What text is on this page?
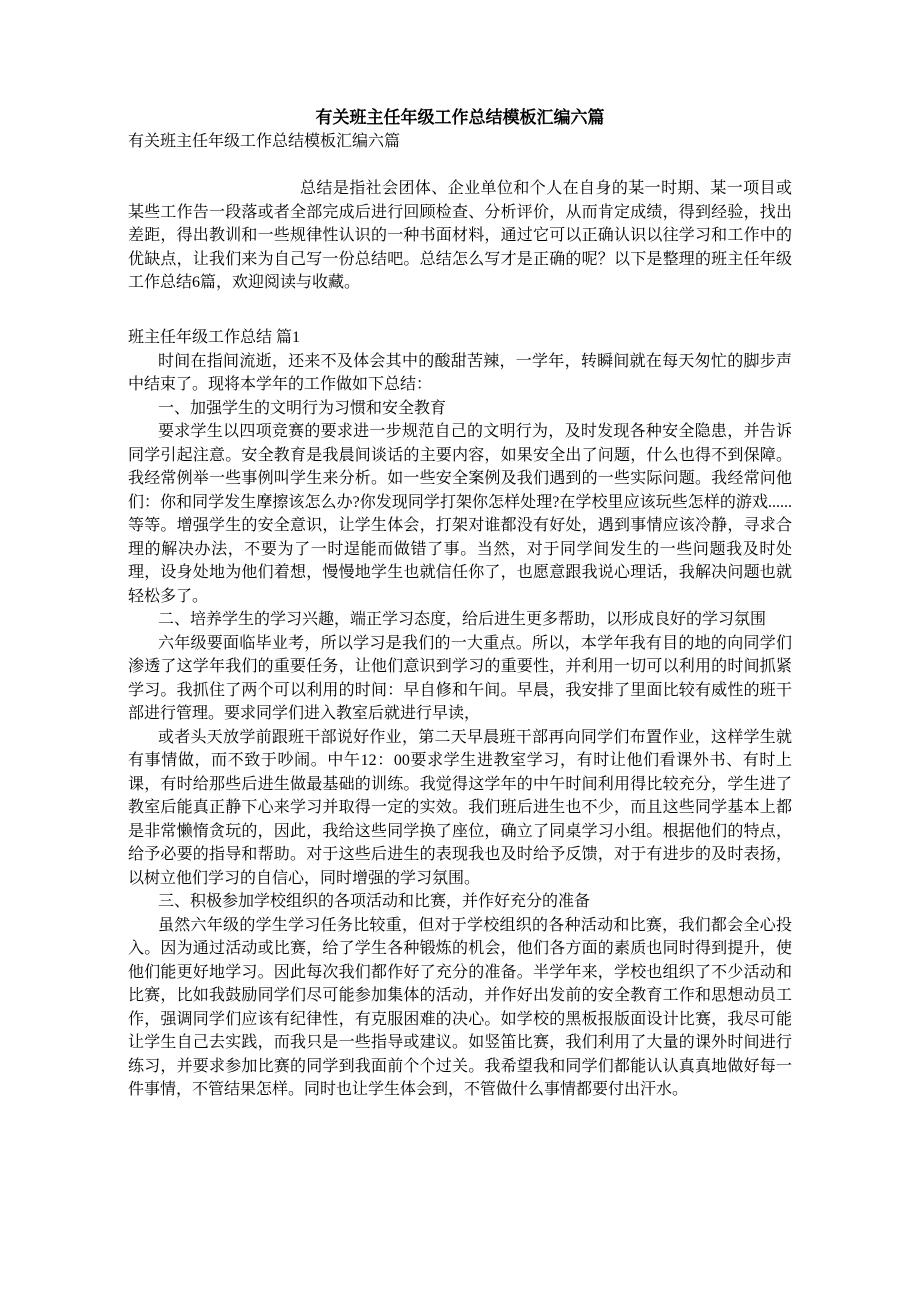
有关班主任年级工作总结模板汇编六篇

有关班主任年级工作总结模板汇编六篇

总结是指社会团体、企业单位和个人在自身的某一时期、某一项目或某些工作告一段落或者全部完成后进行回顾检查、分析评价，从而肯定成绩，得到经验，找出差距，得出教训和一些规律性认识的一种书面材料，通过它可以正确认识以往学习和工作中的优缺点，让我们来为自己写一份总结吧。总结怎么写才是正确的呢？以下是整理的班主任年级工作总结6篇，欢迎阅读与收藏。

班主任年级工作总结 篇1

时间在指间流逝，还来不及体会其中的酸甜苦辣，一学年，转瞬间就在每天匆忙的脚步声中结束了。现将本学年的工作做如下总结：

一、加强学生的文明行为习惯和安全教育

要求学生以四项竞赛的要求进一步规范自己的文明行为，及时发现各种安全隐患，并告诉同学引起注意。安全教育是我晨间谈话的主要内容，如果安全出了问题，什么也得不到保障。我经常例举一些事例叫学生来分析。如一些安全案例及我们遇到的一些实际问题。我经常问他们：你和同学发生摩擦该怎么办?你发现同学打架你怎样处理?在学校里应该玩些怎样的游戏......等等。增强学生的安全意识，让学生体会，打架对谁都没有好处，遇到事情应该冷静，寻求合理的解决办法，不要为了一时逞能而做错了事。当然，对于同学间发生的一些问题我及时处理，设身处地为他们着想，慢慢地学生也就信任你了，也愿意跟我说心理话，我解决问题也就轻松多了。

二、培养学生的学习兴趣，端正学习态度，给后进生更多帮助，以形成良好的学习氛围

六年级要面临毕业考，所以学习是我们的一大重点。所以，本学年我有目的地的向同学们渗透了这学年我们的重要任务，让他们意识到学习的重要性，并利用一切可以利用的时间抓紧学习。我抓住了两个可以利用的时间：早自修和午间。早晨，我安排了里面比较有威性的班干部进行管理。要求同学们进入教室后就进行早读，

或者头天放学前跟班干部说好作业，第二天早晨班干部再向同学们布置作业，这样学生就有事情做，而不致于吵闹。中午12：00要求学生进教室学习，有时让他们看课外书、有时上课，有时给那些后进生做最基础的训练。我觉得这学年的中午时间利用得比较充分，学生进了教室后能真正静下心来学习并取得一定的实效。我们班后进生也不少，而且这些同学基本上都是非常懒惰贪玩的，因此，我给这些同学换了座位，确立了同桌学习小组。根据他们的特点，给予必要的指导和帮助。对于这些后进生的表现我也及时给予反馈，对于有进步的及时表扬，以树立他们学习的自信心，同时增强的学习氛围。

三、积极参加学校组织的各项活动和比赛，并作好充分的准备

虽然六年级的学生学习任务比较重，但对于学校组织的各种活动和比赛，我们都会全心投入。因为通过活动或比赛，给了学生各种锻炼的机会，他们各方面的素质也同时得到提升，使他们能更好地学习。因此每次我们都作好了充分的准备。半学年来，学校也组织了不少活动和比赛，比如我鼓励同学们尽可能参加集体的活动，并作好出发前的安全教育工作和思想动员工作，强调同学们应该有纪律性，有克服困难的决心。如学校的黑板报版面设计比赛，我尽可能让学生自己去实践，而我只是一些指导或建议。如竖笛比赛，我们利用了大量的课外时间进行练习，并要求参加比赛的同学到我面前个个过关。我希望我和同学们都能认认真真地做好每一件事情，不管结果怎样。同时也让学生体会到，不管做什么事情都要付出汗水。
